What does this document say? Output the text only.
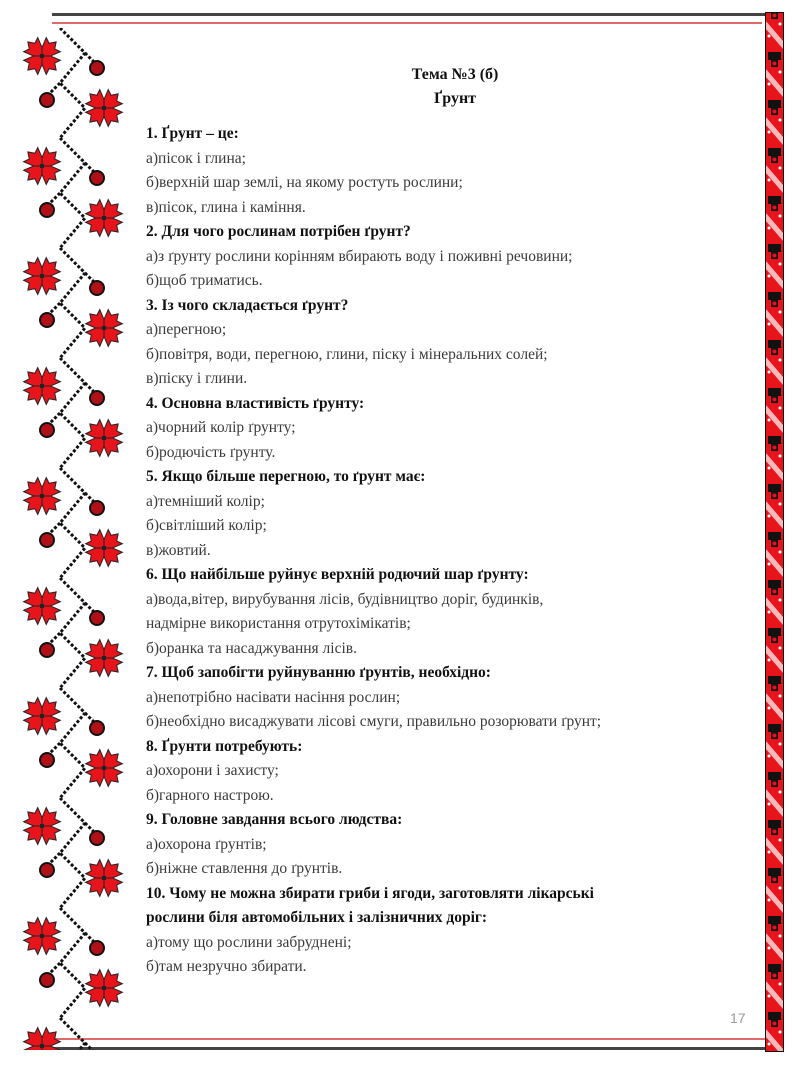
Тема №3 (б)
Ґрунт
1. Ґрунт – це:
а)пісок і глина;
б)верхній шар землі, на якому ростуть рослини;
в)пісок, глина і каміння.
2. Для чого рослинам потрібен ґрунт?
а)з ґрунту рослини корінням вбирають воду і поживні речовини;
б)щоб триматись.
3. Із чого складається ґрунт?
а)перегною;
б)повітря, води, перегною, глини, піску і мінеральних солей;
в)піску і глини.
4. Основна властивість ґрунту:
а)чорний колір ґрунту;
б)родючість ґрунту.
5. Якщо більше перегною, то ґрунт має:
а)темніший колір;
б)світліший колір;
в)жовтий.
6. Що найбільше руйнує верхній родючий шар ґрунту:
а)вода,вітер, вирубування лісів, будівництво доріг, будинків,
надмірне використання отрутохімікатів;
б)оранка та насаджування лісів.
7. Щоб запобігти руйнуванню ґрунтів, необхідно:
а)непотрібно насівати насіння рослин;
б)необхідно висаджувати лісові смуги, правильно розорювати ґрунт;
8. Ґрунти потребують:
а)охорони і захисту;
б)гарного настрою.
9. Головне завдання всього людства:
а)охорона ґрунтів;
б)ніжне ставлення до ґрунтів.
10. Чому не можна збирати гриби і ягоди, заготовляти лікарські
рослини біля автомобільних і залізничних доріг:
а)тому що рослини забруднені;
б)там незручно збирати.
17
